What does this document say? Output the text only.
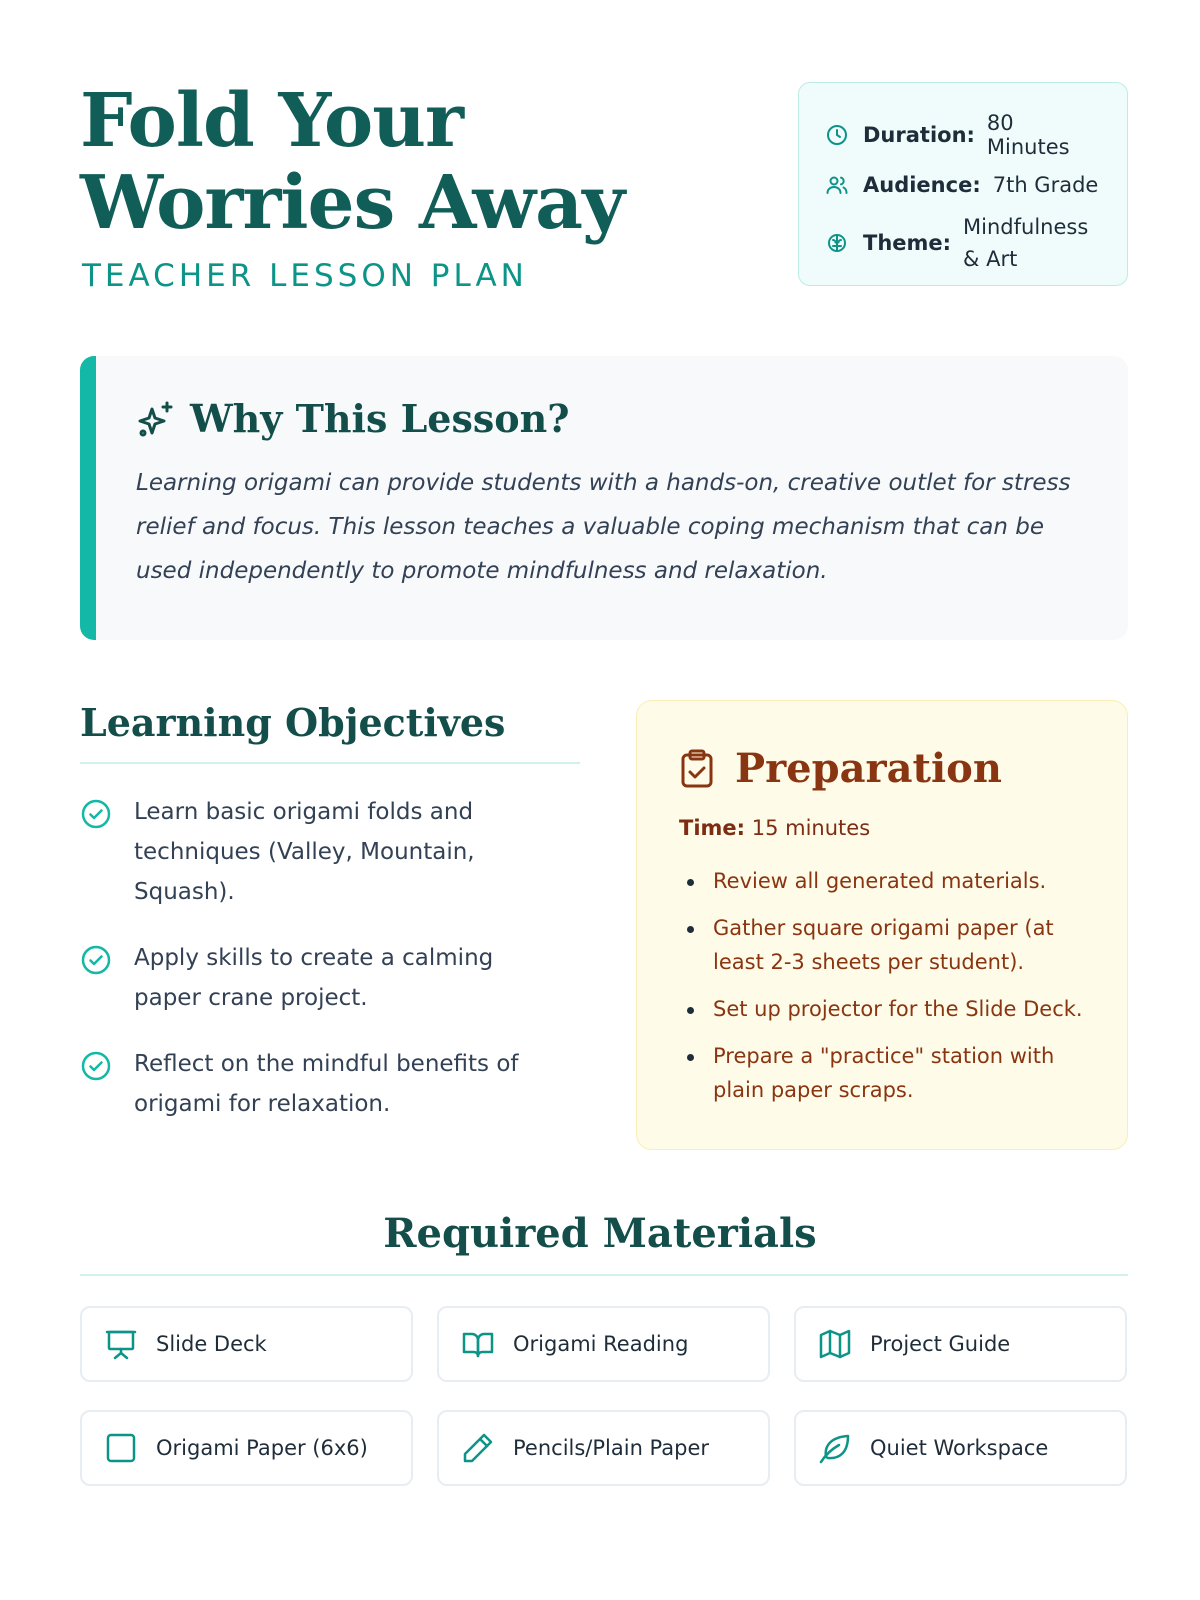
Fold Your Worries Away
TEACHER LESSON PLAN
Duration: 80 Minutes
Audience: 7th Grade
Theme:
Mindfulness & Art
Why This Lesson?

Learning origami can provide students with a hands-on, creative outlet for stress relief and focus. This lesson teaches a valuable coping mechanism that can be used independently to promote mindfulness and relaxation.

Learning Objectives
Learn basic origami folds and techniques (Valley, Mountain, Squash).
Apply skills to create a calming paper crane project.
Reflect on the mindful benefits of origami for relaxation.
Preparation
Time: 15 minutes
Review all generated materials.
Gather square origami paper (at least 2-3 sheets per student).
Set up projector for the Slide Deck.
Prepare a "practice" station with plain paper scraps.
Required Materials
Slide Deck	Origami Reading	Project Guide
Origami Paper (6x6)	Pencils/Plain Paper	Quiet Workspace
